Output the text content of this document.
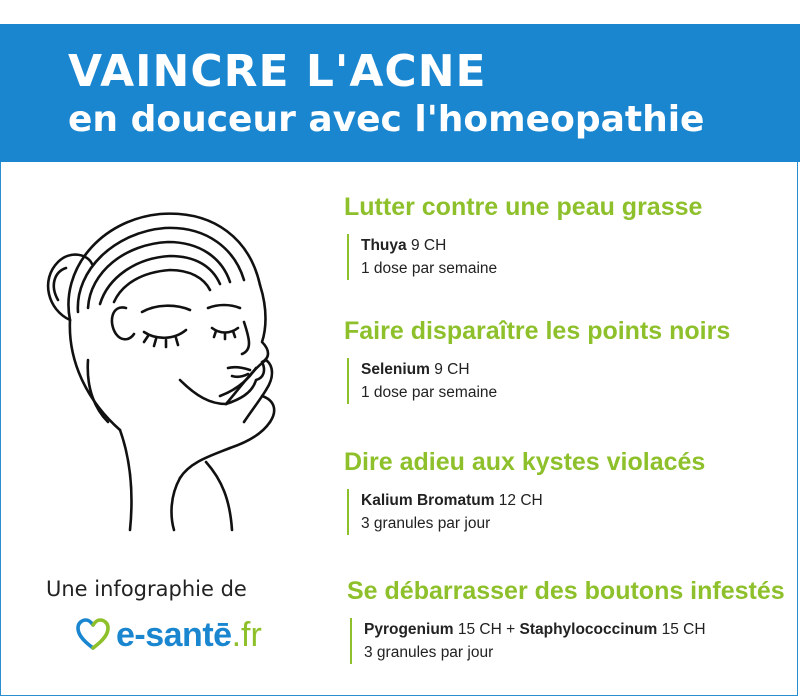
VAINCRE L'ACNE
en douceur avec l'homeopathie
Lutter contre une peau grasse
Thuya 9 CH
1 dose par semaine
Faire disparaître les points noirs
Selenium 9 CH
1 dose par semaine
Dire adieu aux kystes violacés
Kalium Bromatum 12 CH
3 granules par jour
Se débarrasser des boutons infestés
Pyrogenium 15 CH + Staphylococcinum 15 CH
3 granules par jour
Une infographie de
e-santē .fr
